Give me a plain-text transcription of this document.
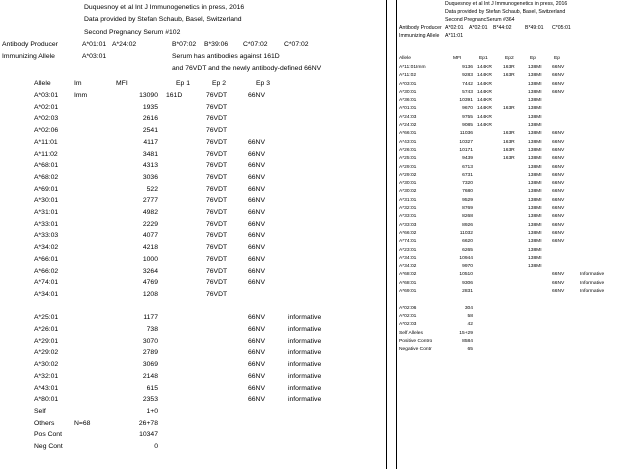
Duquesnoy et al Int J Immunogenetics in press, 2016
Data provided by Stefan Schaub, Basel, Switzerland
Second Pregnancy Serum #102
Antibody Producer	A*01:01 A*24:02	B*07:02 B*39:06 C*07:02 C*07:02
Immunizing Allele	A*03:01	Serum has antibodies against 161D
and 76VDT and the newly antibody-defined 66NV
Allele	Im	MFI	Ep 1	Ep 2	Ep 3
A*03:01	Imm	13090	161D	76VDT	66NV	
A*02:01		1935		76VDT		
A*02:03		2616		76VDT		
A*02:06		2541		76VDT		
A*11:01		4117		76VDT	66NV	
A*11:02		3481		76VDT	66NV	
A*68:01		4313		76VDT	66NV	
A*68:02		3036		76VDT	66NV	
A*69:01		522		76VDT	66NV	
A*30:01		2777		76VDT	66NV	
A*31:01		4982		76VDT	66NV	
A*33:01		2229		76VDT	66NV	
A*33:03		4077		76VDT	66NV	
A*34:02		4218		76VDT	66NV	
A*66:01		1000		76VDT	66NV	
A*66:02		3264		76VDT	66NV	
A*74:01		4769		76VDT	66NV	
A*34:01		1208		76VDT		

A*25:01		1177			66NV	informative
A*26:01		738			66NV	informative
A*29:01		3070			66NV	informative
A*29:02		2789			66NV	informative
A*30:02		3069			66NV	informative
A*32:01		2148			66NV	informative
A*43:01		615			66NV	informative
A*80:01		2353			66NV	informative
Self		1+0				
Others	N=68	26+78				
Pos Cont		10347				
Neg Cont		0				
Duquesnoy et al Int J Immunogenetics in press, 2016
Data provided by Stefan Schaub, Basel, Switzerland
Second PregnancSerum #364
Antibody Producer A*02:01 A*02:01 B*44:02	B*49:01 C*05:01
Immunizing Allele A*11:01
Allele	MFI	Ep1	Ep2	Ep	Ep
A*11:01Imm	9136	144KR	163R	138MI	66NV	
A*11:02	9283	144KR	163R	138MI	66NV	
A*03:01	7442	144KR		138MI	66NV	
A*30:01	5743	144KR		138MI	66NV	
A*36:01	10391	144KR		138MI		
A*01:01	9670	144KR	163R	138MI		
A*24:03	9755	144KR		138MI		
A*24:02	9085	144KR		138MI		
A*66:01	11036		163R	138MI	66NV	
A*43:01	10327		163R	138MI	66NV	
A*26:01	10171		163R	138MI	66NV	
A*25:01	9439		163R	138MI	66NV	
A*29:01	6713			138MI	66NV	
A*29:02	6731			138MI	66NV	
A*30:01	7320			138MI	66NV	
A*30:02	7680			138MI	66NV	
A*31:01	9529			138MI	66NV	
A*32:01	8769			138MI	66NV	
A*33:01	8268			138MI	66NV	
A*33:03	8926			138MI	66NV	
A*66:02	11032			138MI	66NV	
A*74:01	6620			138MI	66NV	
A*23:01	6265			138MI		
A*34:01	10944			138MI		
A*34:02	9970			138MI		
A*68:02	10510				66NV	Informative
A*68:01	9306				66NV	Informative
A*69:01	2831				66NV	Informative

A*02:06	304					
A*02:01	58					
A*02:03	42					
Self Alleles	15+29					
Positive Contro	8584					
Negative Contr	65					
